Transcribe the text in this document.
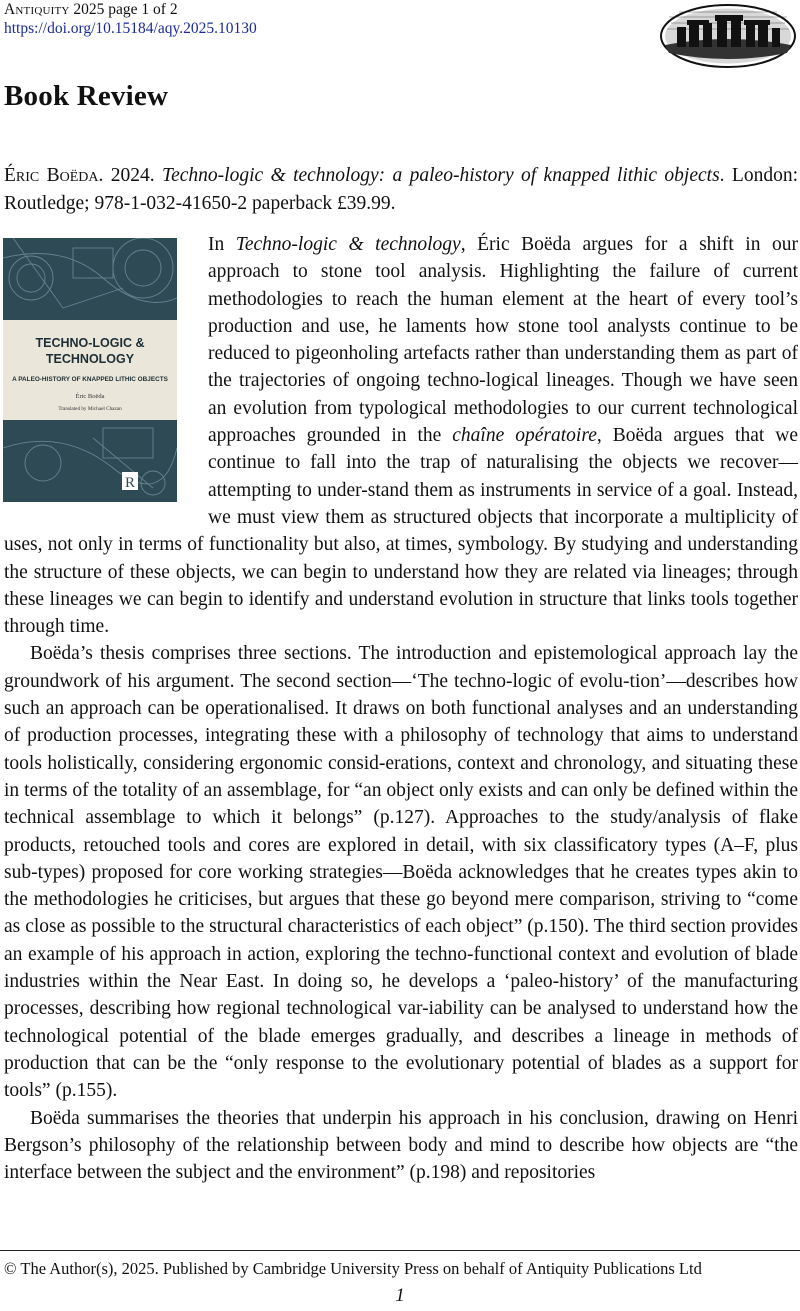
Antiquity 2025 page 1 of 2
https://doi.org/10.15184/aqy.2025.10130
Book Review
Éric Boëda. 2024. Techno-logic & technology: a paleo-history of knapped lithic objects. London: Routledge; 978-1-032-41650-2 paperback £39.99.
TECHNO-LOGIC &
TECHNOLOGY
A PALEO-HISTORY OF KNAPPED LITHIC OBJECTS
Éric Boëda
Translated by Michael Chazan
R

In Techno-logic & technology, Éric Boëda argues for a shift in our approach to stone tool analysis. Highlighting the failure of current methodologies to reach the human element at the heart of every tool’s production and use, he laments how stone tool analysts continue to be reduced to pigeonholing artefacts rather than understanding them as part of the trajectories of ongoing techno-logical lineages. Though we have seen an evolution from typological methodologies to our current technological approaches grounded in the chaîne opératoire, Boëda argues that we continue to fall into the trap of naturalising the objects we recover—attempting to under-stand them as instruments in service of a goal. Instead, we must view them as structured objects that incorporate a multiplicity of uses, not only in terms of functionality but also, at times, symbology. By studying and understanding the structure of these objects, we can begin to understand how they are related via lineages; through these lineages we can begin to identify and understand evolution in structure that links tools together through time.

Boëda’s thesis comprises three sections. The introduction and epistemological approach lay the groundwork of his argument. The second section—‘The techno-logic of evolu-tion’—describes how such an approach can be operationalised. It draws on both functional analyses and an understanding of production processes, integrating these with a philosophy of technology that aims to understand tools holistically, considering ergonomic consid-erations, context and chronology, and situating these in terms of the totality of an assemblage, for “an object only exists and can only be defined within the technical assemblage to which it belongs” (p.127). Approaches to the study/analysis of flake products, retouched tools and cores are explored in detail, with six classificatory types (A–F, plus sub-types) proposed for core working strategies—Boëda acknowledges that he creates types akin to the methodologies he criticises, but argues that these go beyond mere comparison, striving to “come as close as possible to the structural characteristics of each object” (p.150). The third section provides an example of his approach in action, exploring the techno-functional context and evolution of blade industries within the Near East. In doing so, he develops a ‘paleo-history’ of the manufacturing processes, describing how regional technological var-iability can be analysed to understand how the technological potential of the blade emerges gradually, and describes a lineage in methods of production that can be the “only response to the evolutionary potential of blades as a support for tools” (p.155).

Boëda summarises the theories that underpin his approach in his conclusion, drawing on Henri Bergson’s philosophy of the relationship between body and mind to describe how objects are “the interface between the subject and the environment” (p.198) and repositories

© The Author(s), 2025. Published by Cambridge University Press on behalf of Antiquity Publications Ltd
1
